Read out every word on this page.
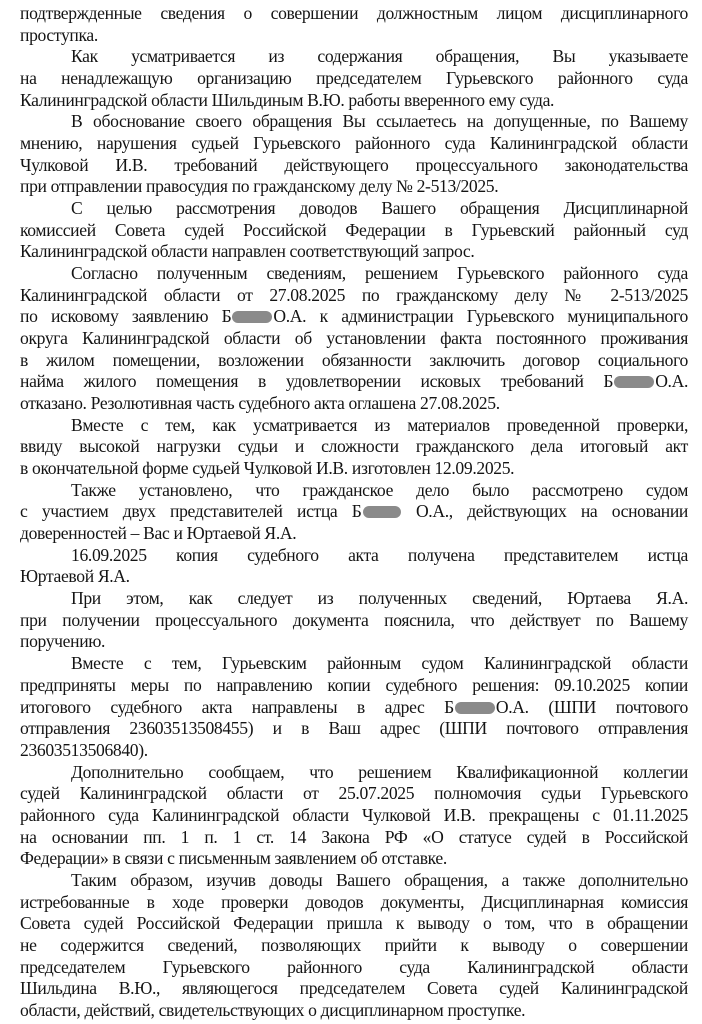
подтвержденные сведения о совершении должностным лицом дисциплинарного
проступка.
Как усматривается из содержания обращения, Вы указываете
на ненадлежащую организацию председателем Гурьевского районного суда
Калининградской области Шильдиным В.Ю. работы вверенного ему суда.
В обоснование своего обращения Вы ссылаетесь на допущенные, по Вашему
мнению, нарушения судьей Гурьевского районного суда Калининградской области
Чулковой И.В. требований действующего процессуального законодательства
при отправлении правосудия по гражданскому делу № 2-513/2025.
С целью рассмотрения доводов Вашего обращения Дисциплинарной
комиссией Совета судей Российской Федерации в Гурьевский районный суд
Калининградской области направлен соответствующий запрос.
Согласно полученным сведениям, решением Гурьевского районного суда
Калининградской области от 27.08.2025 по гражданскому делу № 2-513/2025
по исковому заявлению Б О.А. к администрации Гурьевского муниципального
округа Калининградской области об установлении факта постоянного проживания
в жилом помещении, возложении обязанности заключить договор социального
найма жилого помещения в удовлетворении исковых требований Б О.А.
отказано. Резолютивная часть судебного акта оглашена 27.08.2025.
Вместе с тем, как усматривается из материалов проведенной проверки,
ввиду высокой нагрузки судьи и сложности гражданского дела итоговый акт
в окончательной форме судьей Чулковой И.В. изготовлен 12.09.2025.
Также установлено, что гражданское дело было рассмотрено судом
с участием двух представителей истца Б О.А., действующих на основании
доверенностей – Вас и Юртаевой Я.А.
16.09.2025 копия судебного акта получена представителем истца
Юртаевой Я.А.
При этом, как следует из полученных сведений, Юртаева Я.А.
при получении процессуального документа пояснила, что действует по Вашему
поручению.
Вместе с тем, Гурьевским районным судом Калининградской области
предприняты меры по направлению копии судебного решения: 09.10.2025 копии
итогового судебного акта направлены в адрес Б О.А. (ШПИ почтового
отправления 23603513508455) и в Ваш адрес (ШПИ почтового отправления
23603513506840).
Дополнительно сообщаем, что решением Квалификационной коллегии
судей Калининградской области от 25.07.2025 полномочия судьи Гурьевского
районного суда Калининградской области Чулковой И.В. прекращены с 01.11.2025
на основании пп. 1 п. 1 ст. 14 Закона РФ «О статусе судей в Российской
Федерации» в связи с письменным заявлением об отставке.
Таким образом, изучив доводы Вашего обращения, а также дополнительно
истребованные в ходе проверки доводов документы, Дисциплинарная комиссия
Совета судей Российской Федерации пришла к выводу о том, что в обращении
не содержится сведений, позволяющих прийти к выводу о совершении
председателем Гурьевского районного суда Калининградской области
Шильдина В.Ю., являющегося председателем Совета судей Калининградской
области, действий, свидетельствующих о дисциплинарном проступке.
